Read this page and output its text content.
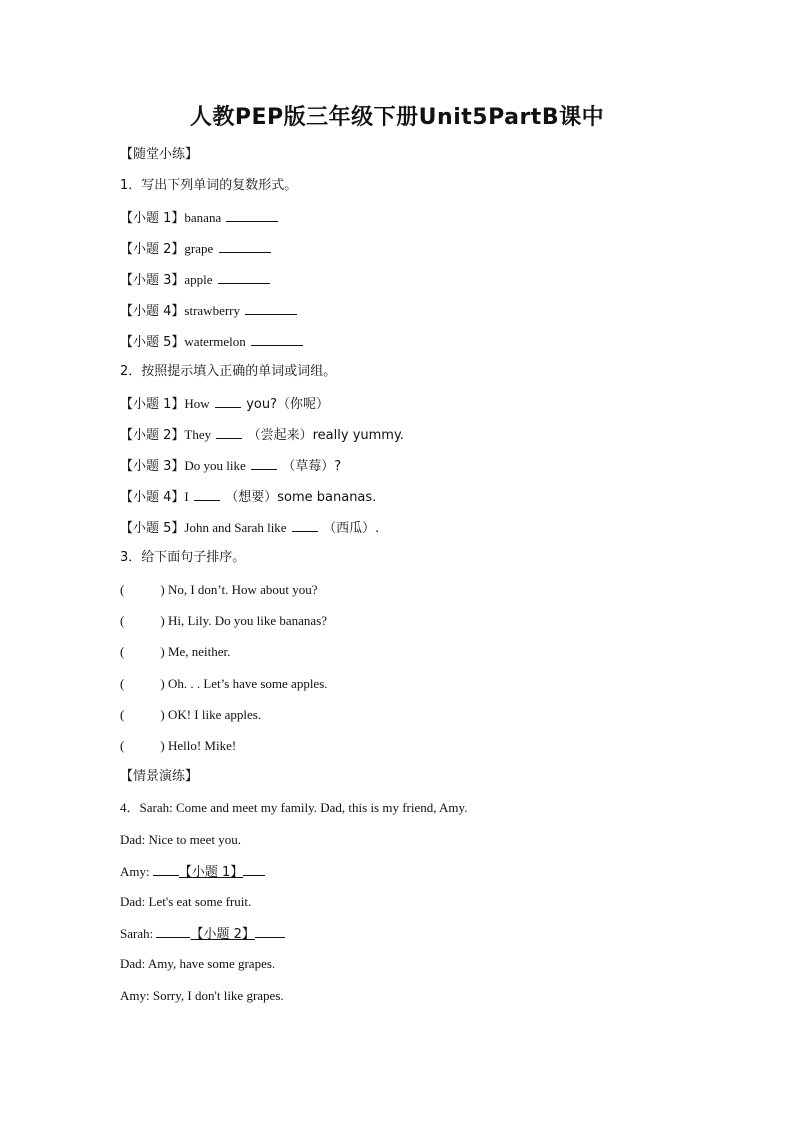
人教PEP版三年级下册Unit5PartB课中
【随堂小练】
1．写出下列单词的复数形式。
【小题 1】banana
【小题 2】grape
【小题 3】apple
【小题 4】strawberry
【小题 5】watermelon
2．按照提示填入正确的单词或词组。
【小题 1】How	you?（你呢）
【小题 2】They	（尝起来）really yummy.
【小题 3】Do you like	（草莓）?
【小题 4】I	（想要）some bananas.
【小题 5】John and Sarah like	（西瓜）.
3．给下面句子排序。
(	) No, I don’t. How about you?
(	) Hi, Lily. Do you like bananas?
(	) Me, neither.
(	) Oh. . . Let’s have some apples.
(	) OK! I like apples.
(	) Hello! Mike!
【情景演练】
4．Sarah: Come and meet my family. Dad, this is my friend, Amy.
Dad: Nice to meet you.
Amy: 【小题 1】
Dad: Let's eat some fruit.
Sarah:	【小题 2】
Dad: Amy, have some grapes.
Amy: Sorry, I don't like grapes.
